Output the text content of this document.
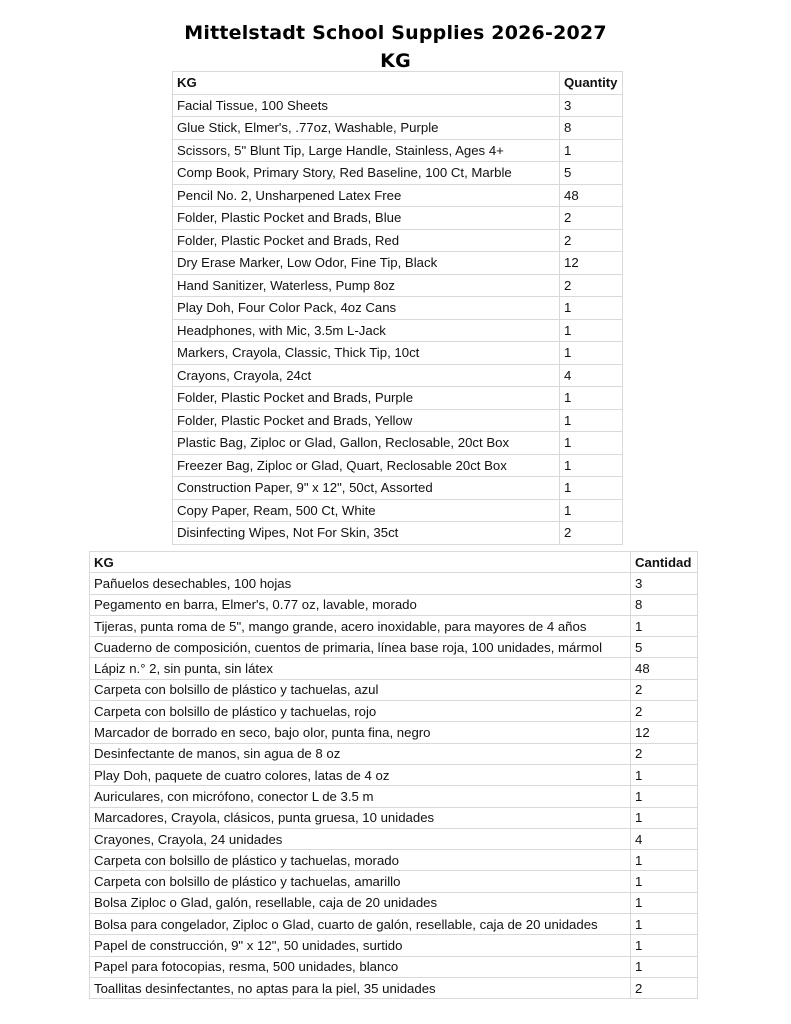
Mittelstadt School Supplies 2026-2027
KG
KG	Quantity
Facial Tissue, 100 Sheets	3
Glue Stick, Elmer's, .77oz, Washable, Purple	8
Scissors, 5" Blunt Tip, Large Handle, Stainless, Ages 4+	1
Comp Book, Primary Story, Red Baseline, 100 Ct, Marble	5
Pencil No. 2, Unsharpened Latex Free	48
Folder, Plastic Pocket and Brads, Blue	2
Folder, Plastic Pocket and Brads, Red	2
Dry Erase Marker, Low Odor, Fine Tip, Black	12
Hand Sanitizer, Waterless, Pump 8oz	2
Play Doh, Four Color Pack, 4oz Cans	1
Headphones, with Mic, 3.5m L-Jack	1
Markers, Crayola, Classic, Thick Tip, 10ct	1
Crayons, Crayola, 24ct	4
Folder, Plastic Pocket and Brads, Purple	1
Folder, Plastic Pocket and Brads, Yellow	1
Plastic Bag, Ziploc or Glad, Gallon, Reclosable, 20ct Box	1
Freezer Bag, Ziploc or Glad, Quart, Reclosable 20ct Box	1
Construction Paper, 9" x 12", 50ct, Assorted	1
Copy Paper, Ream, 500 Ct, White	1
Disinfecting Wipes, Not For Skin, 35ct	2
KG	Cantidad
Pañuelos desechables, 100 hojas	3
Pegamento en barra, Elmer's, 0.77 oz, lavable, morado	8
Tijeras, punta roma de 5", mango grande, acero inoxidable, para mayores de 4 años	1
Cuaderno de composición, cuentos de primaria, línea base roja, 100 unidades, mármol	5
Lápiz n.° 2, sin punta, sin látex	48
Carpeta con bolsillo de plástico y tachuelas, azul	2
Carpeta con bolsillo de plástico y tachuelas, rojo	2
Marcador de borrado en seco, bajo olor, punta fina, negro	12
Desinfectante de manos, sin agua de 8 oz	2
Play Doh, paquete de cuatro colores, latas de 4 oz	1
Auriculares, con micrófono, conector L de 3.5 m	1
Marcadores, Crayola, clásicos, punta gruesa, 10 unidades	1
Crayones, Crayola, 24 unidades	4
Carpeta con bolsillo de plástico y tachuelas, morado	1
Carpeta con bolsillo de plástico y tachuelas, amarillo	1
Bolsa Ziploc o Glad, galón, resellable, caja de 20 unidades	1
Bolsa para congelador, Ziploc o Glad, cuarto de galón, resellable, caja de 20 unidades	1
Papel de construcción, 9" x 12", 50 unidades, surtido	1
Papel para fotocopias, resma, 500 unidades, blanco	1
Toallitas desinfectantes, no aptas para la piel, 35 unidades	2
